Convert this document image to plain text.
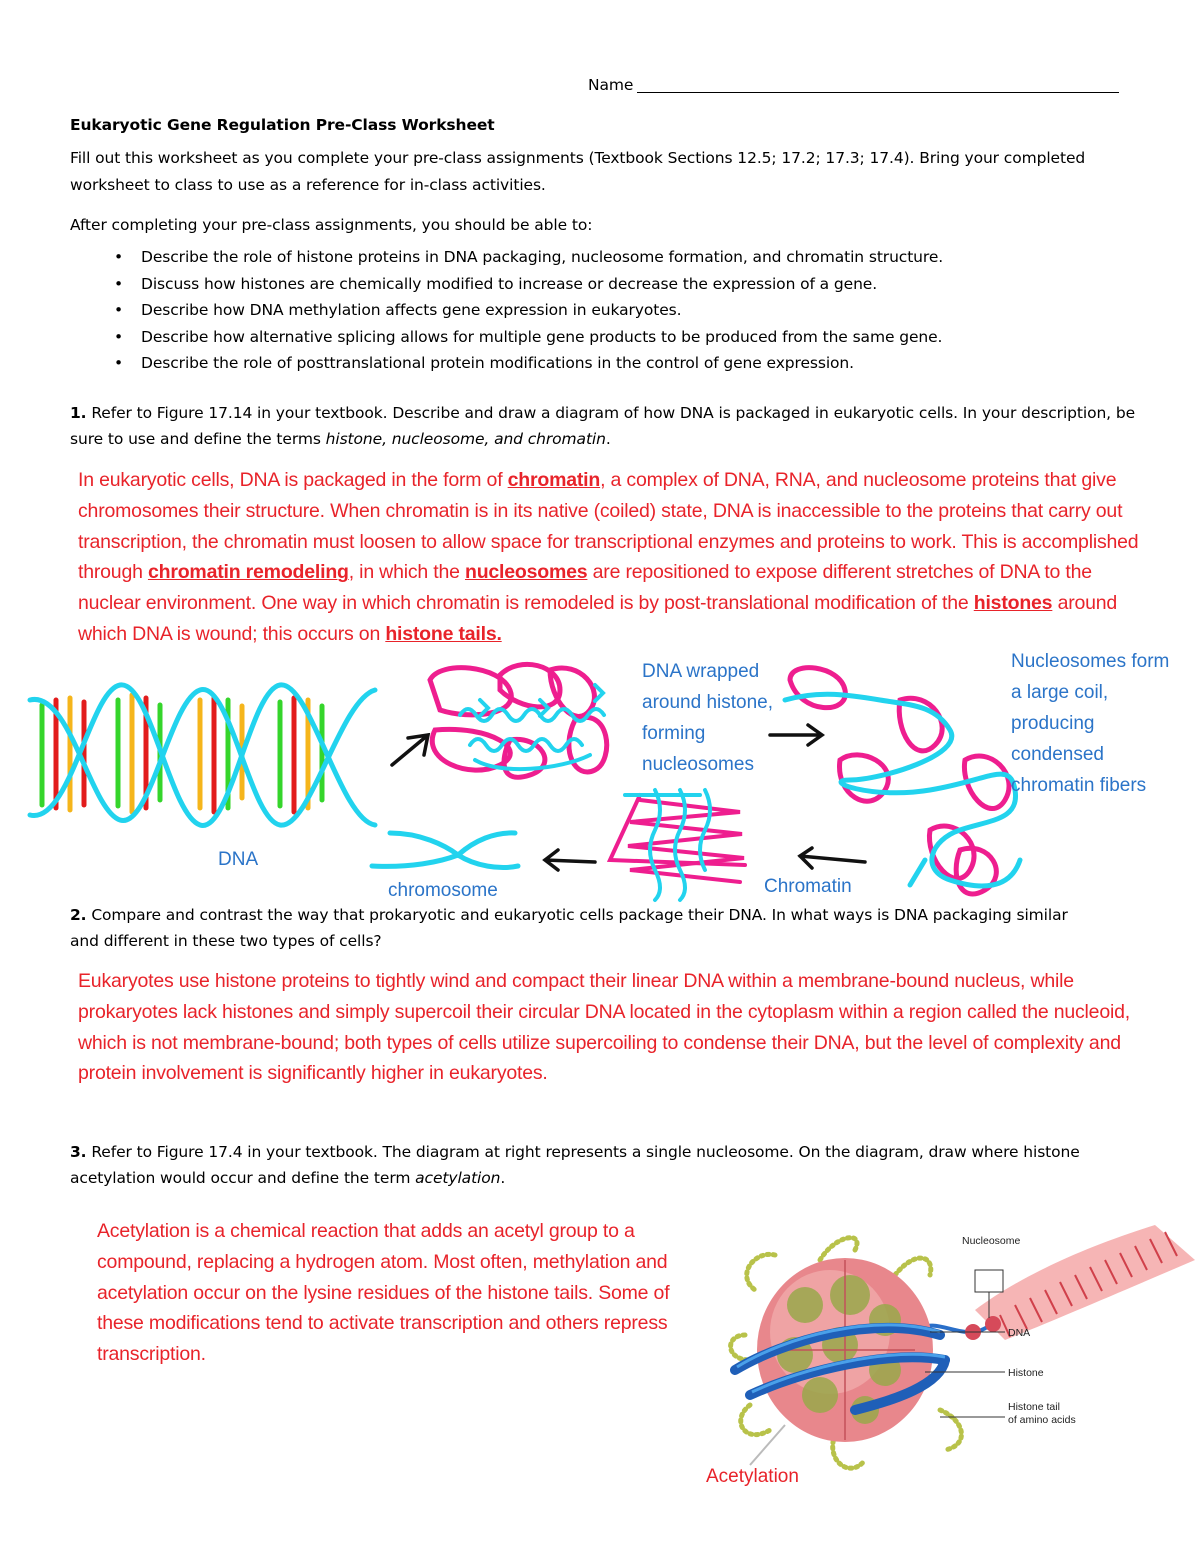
Name
Eukaryotic Gene Regulation Pre-Class Worksheet
Fill out this worksheet as you complete your pre-class assignments (Textbook Sections 12.5; 17.2; 17.3; 17.4). Bring your completed worksheet to class to use as a reference for in-class activities.
After completing your pre-class assignments, you should be able to:
• Describe the role of histone proteins in DNA packaging, nucleosome formation, and chromatin structure.
• Discuss how histones are chemically modified to increase or decrease the expression of a gene.
• Describe how DNA methylation affects gene expression in eukaryotes.
• Describe how alternative splicing allows for multiple gene products to be produced from the same gene.
• Describe the role of posttranslational protein modifications in the control of gene expression.
1. Refer to Figure 17.14 in your textbook. Describe and draw a diagram of how DNA is packaged in eukaryotic cells. In your description, be sure to use and define the terms histone, nucleosome, and chromatin.
In eukaryotic cells, DNA is packaged in the form of chromatin, a complex of DNA, RNA, and nucleosome proteins that give chromosomes their structure. When chromatin is in its native (coiled) state, DNA is inaccessible to the proteins that carry out transcription, the chromatin must loosen to allow space for transcriptional enzymes and proteins to work. This is accomplished through chromatin remodeling, in which the nucleosomes are repositioned to expose different stretches of DNA to the nuclear environment. One way in which chromatin is remodeled is by post-translational modification of the histones around which DNA is wound; this occurs on histone tails.
DNA
chromosome	Chromatin
DNA wrapped
around histone,
forming
nucleosomes
Nucleosomes form
a large coil,
producing
condensed
chromatin fibers
2. Compare and contrast the way that prokaryotic and eukaryotic cells package their DNA. In what ways is DNA packaging similar and different in these two types of cells?
Eukaryotes use histone proteins to tightly wind and compact their linear DNA within a membrane-bound nucleus, while prokaryotes lack histones and simply supercoil their circular DNA located in the cytoplasm within a region called the nucleoid, which is not membrane-bound; both types of cells utilize supercoiling to condense their DNA, but the level of complexity and protein involvement is significantly higher in eukaryotes.
3. Refer to Figure 17.4 in your textbook. The diagram at right represents a single nucleosome. On the diagram, draw where histone acetylation would occur and define the term acetylation.
Acetylation is a chemical reaction that adds an acetyl group to a compound, replacing a hydrogen atom. Most often, methylation and acetylation occur on the lysine residues of the histone tails. Some of these modifications tend to activate transcription and others repress transcription.
Nucleosome
DNA
Histone
Histone tail
of amino acids
Acetylation
